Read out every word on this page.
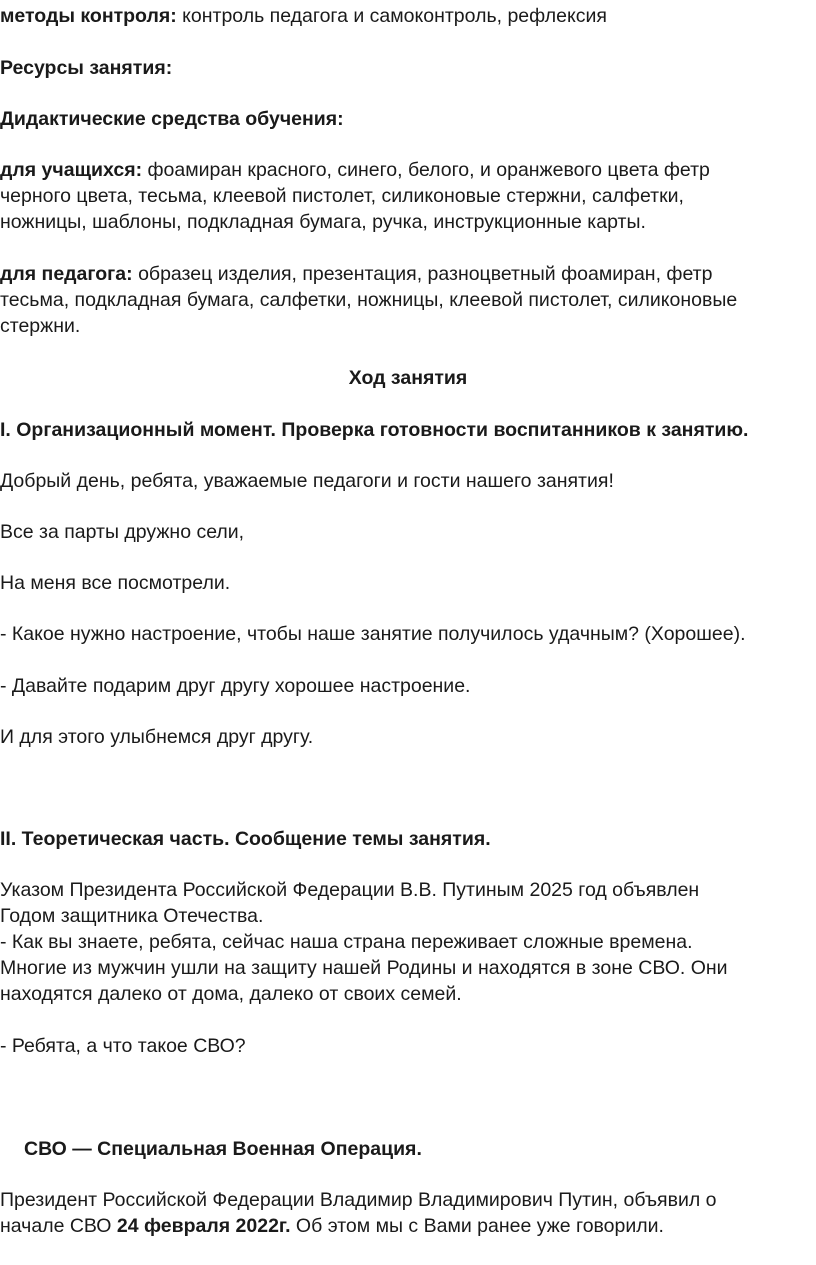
методы контроля: контроль педагога и самоконтроль, рефлексия

Ресурсы занятия:

Дидактические средства обучения:

для учащихся: фоамиран красного, синего, белого, и оранжевого цвета фетр

черного цвета, тесьма, клеевой пистолет, силиконовые стержни, салфетки,

ножницы, шаблоны, подкладная бумага, ручка, инструкционные карты.

для педагога: образец изделия, презентация, разноцветный фоамиран, фетр

тесьма, подкладная бумага, салфетки, ножницы, клеевой пистолет, силиконовые

стержни.

Ход занятия

I. Организационный момент. Проверка готовности воспитанников к занятию.

Добрый день, ребята, уважаемые педагоги и гости нашего занятия!

Все за парты дружно сели,

На меня все посмотрели.

- Какое нужно настроение, чтобы наше занятие получилось удачным? (Хорошее).

- Давайте подарим друг другу хорошее настроение.

И для этого улыбнемся друг другу.

II. Теоретическая часть. Сообщение темы занятия.

Указом Президента Российской Федерации В.В. Путиным 2025 год объявлен

Годом защитника Отечества.

- Как вы знаете, ребята, сейчас наша страна переживает сложные времена.

Многие из мужчин ушли на защиту нашей Родины и находятся в зоне СВО. Они

находятся далеко от дома, далеко от своих семей.

- Ребята, а что такое СВО?

СВО — Специальная Военная Операция.

Президент Российской Федерации Владимир Владимирович Путин, объявил о

начале СВО 24 февраля 2022г. Об этом мы с Вами ранее уже говорили.
